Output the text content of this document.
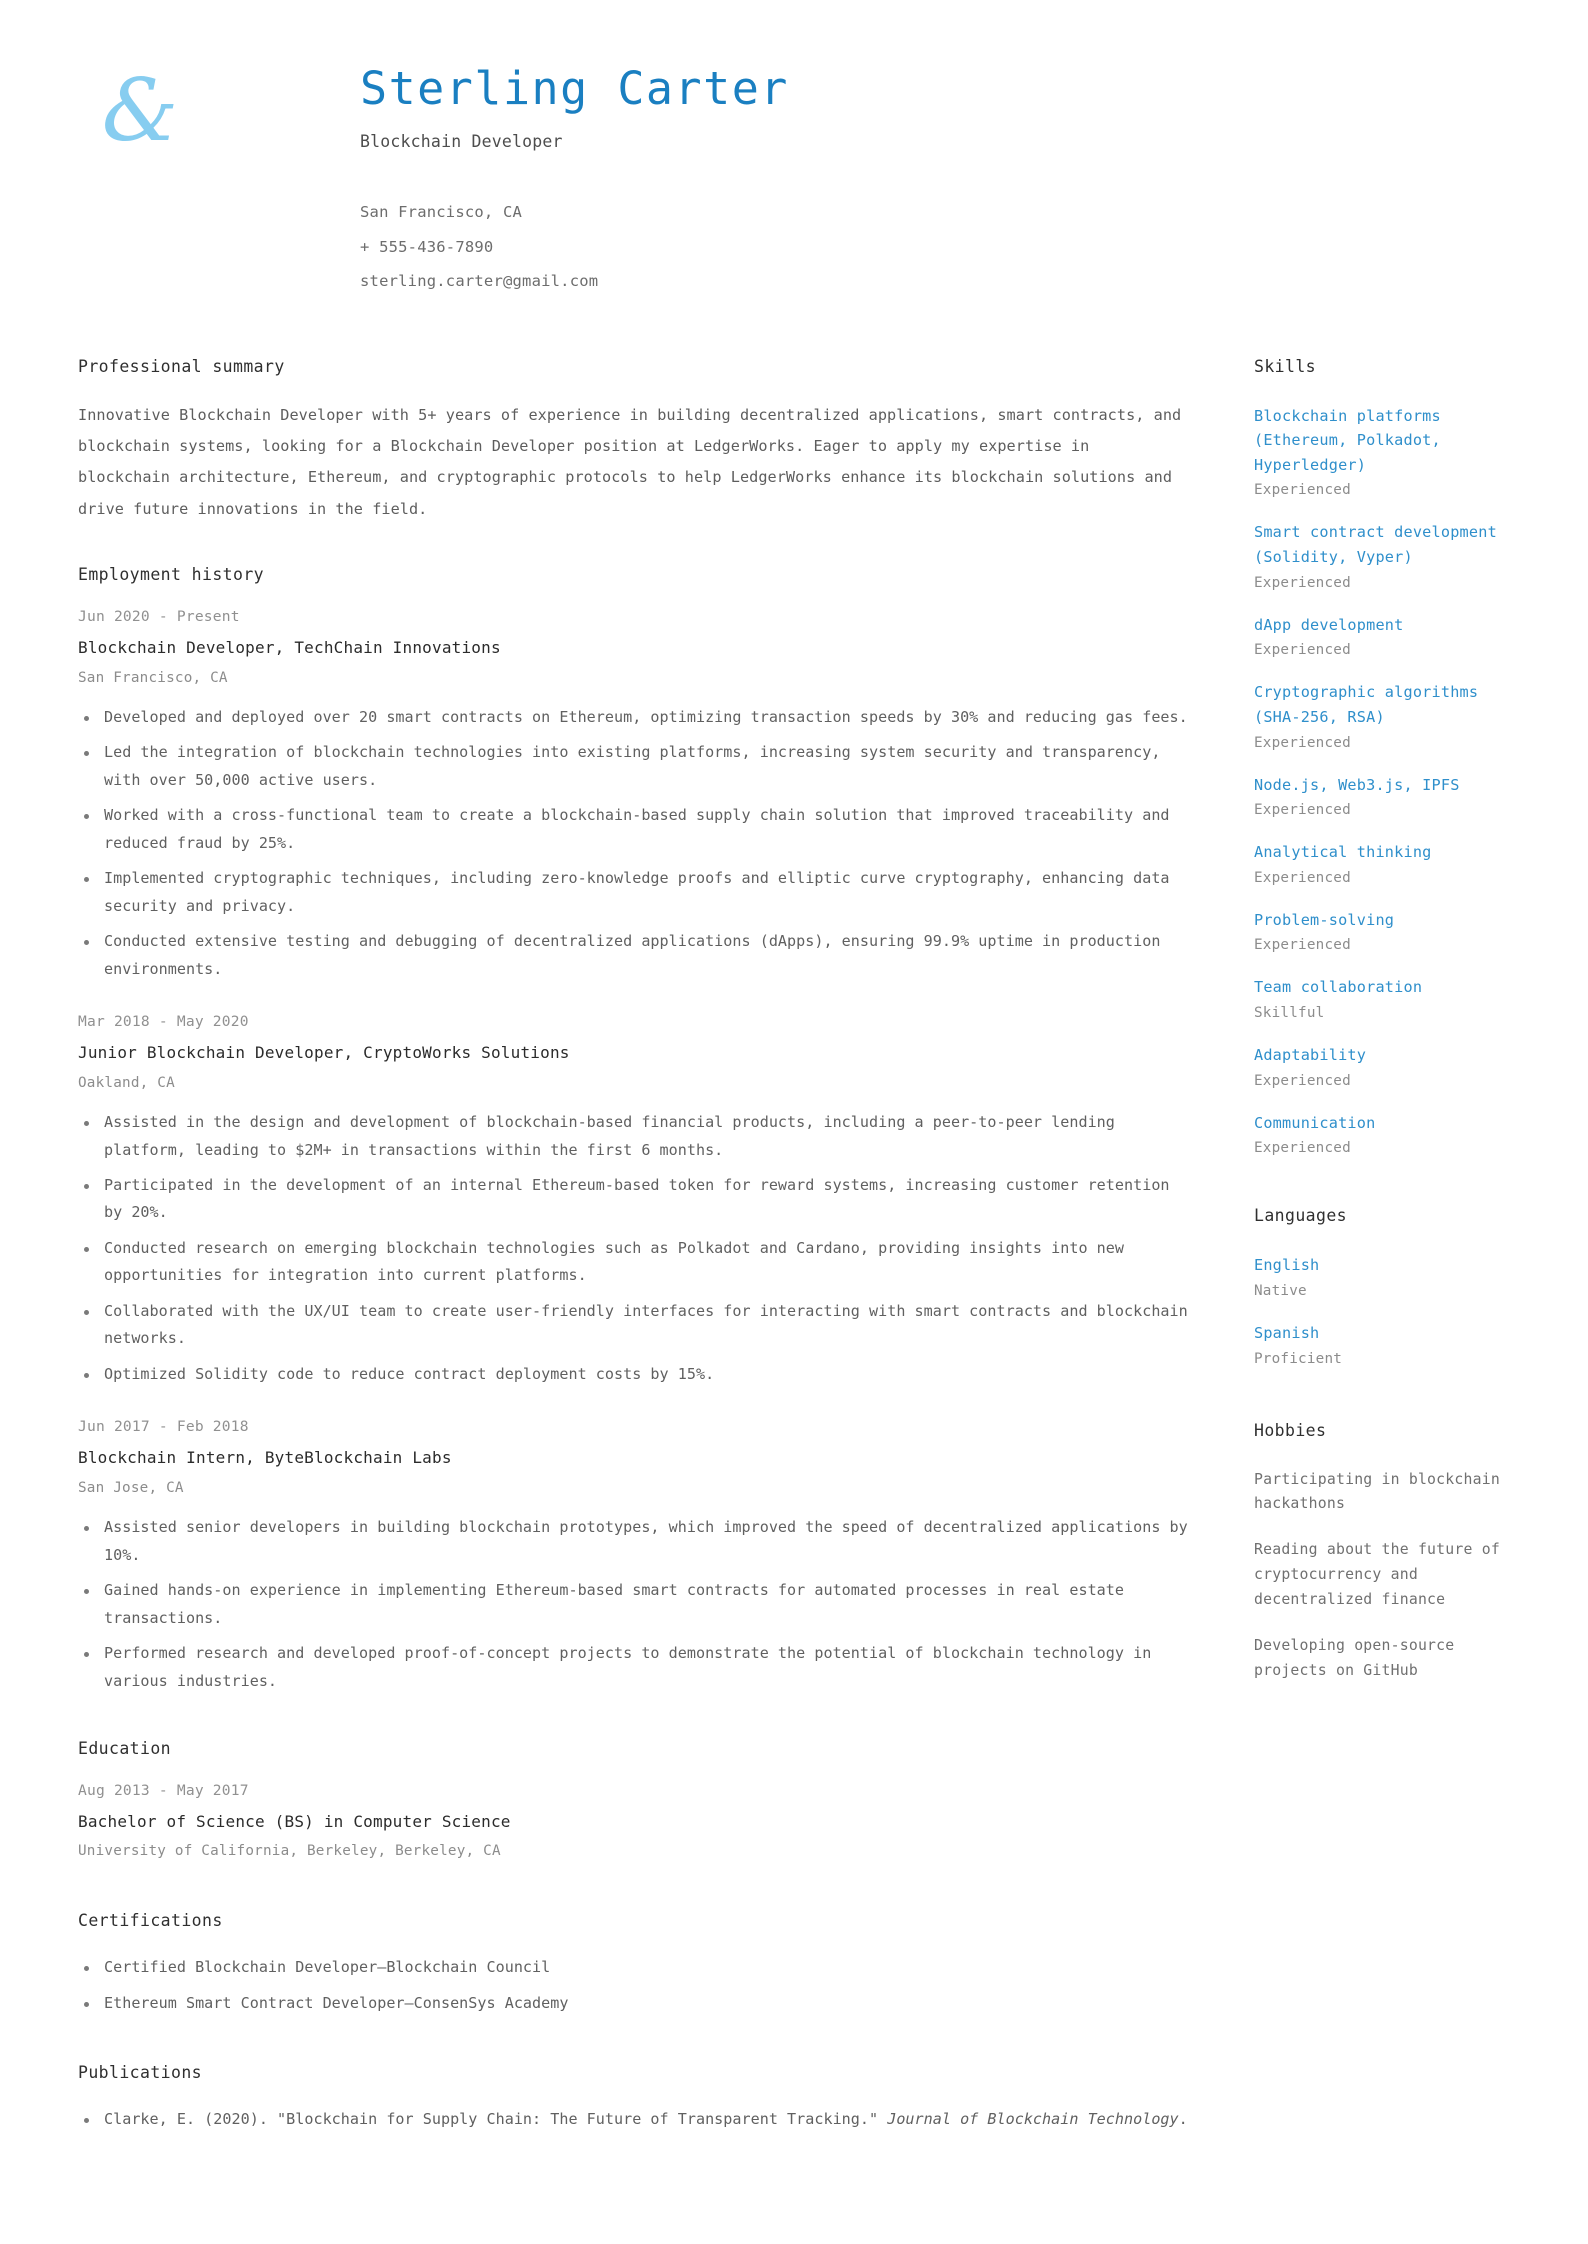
&	Sterling Carter
Blockchain Developer
San Francisco, CA
+ 555-436-7890
sterling.carter@gmail.com
Professional summary

Innovative Blockchain Developer with 5+ years of experience in building decentralized applications, smart contracts, and blockchain systems, looking for a Blockchain Developer position at LedgerWorks. Eager to apply my expertise in blockchain architecture, Ethereum, and cryptographic protocols to help LedgerWorks enhance its blockchain solutions and drive future innovations in the field.

Employment history
Jun 2020 - Present
Blockchain Developer, TechChain Innovations
San Francisco, CA
Developed and deployed over 20 smart contracts on Ethereum, optimizing transaction speeds by 30% and reducing gas fees.
Led the integration of blockchain technologies into existing platforms, increasing system security and transparency, with over 50,000 active users.
Worked with a cross-functional team to create a blockchain-based supply chain solution that improved traceability and reduced fraud by 25%.
Implemented cryptographic techniques, including zero-knowledge proofs and elliptic curve cryptography, enhancing data security and privacy.
Conducted extensive testing and debugging of decentralized applications (dApps), ensuring 99.9% uptime in production environments.
Mar 2018 - May 2020
Junior Blockchain Developer, CryptoWorks Solutions
Oakland, CA
Assisted in the design and development of blockchain-based financial products, including a peer-to-peer lending platform, leading to $2M+ in transactions within the first 6 months.
Participated in the development of an internal Ethereum-based token for reward systems, increasing customer retention by 20%.
Conducted research on emerging blockchain technologies such as Polkadot and Cardano, providing insights into new opportunities for integration into current platforms.
Collaborated with the UX/UI team to create user-friendly interfaces for interacting with smart contracts and blockchain networks.
Optimized Solidity code to reduce contract deployment costs by 15%.
Jun 2017 - Feb 2018
Blockchain Intern, ByteBlockchain Labs
San Jose, CA
Assisted senior developers in building blockchain prototypes, which improved the speed of decentralized applications by 10%.
Gained hands-on experience in implementing Ethereum-based smart contracts for automated processes in real estate transactions.
Performed research and developed proof-of-concept projects to demonstrate the potential of blockchain technology in various industries.
Education
Aug 2013 - May 2017
Bachelor of Science (BS) in Computer Science
University of California, Berkeley, Berkeley, CA
Certifications
Certified Blockchain Developer—Blockchain Council
Ethereum Smart Contract Developer—ConsenSys Academy
Publications
Clarke, E. (2020). "Blockchain for Supply Chain: The Future of Transparent Tracking." Journal of Blockchain Technology.
Skills
Blockchain platforms (Ethereum, Polkadot, Hyperledger)
Experienced
Smart contract development (Solidity, Vyper)
Experienced
dApp development
Experienced
Cryptographic algorithms (SHA-256, RSA)
Experienced
Node.js, Web3.js, IPFS
Experienced
Analytical thinking
Experienced
Problem-solving
Experienced
Team collaboration
Skillful
Adaptability
Experienced
Communication
Experienced
Languages
English
Native
Spanish
Proficient
Hobbies
Participating in blockchain hackathons
Reading about the future of cryptocurrency and decentralized finance
Developing open-source projects on GitHub
